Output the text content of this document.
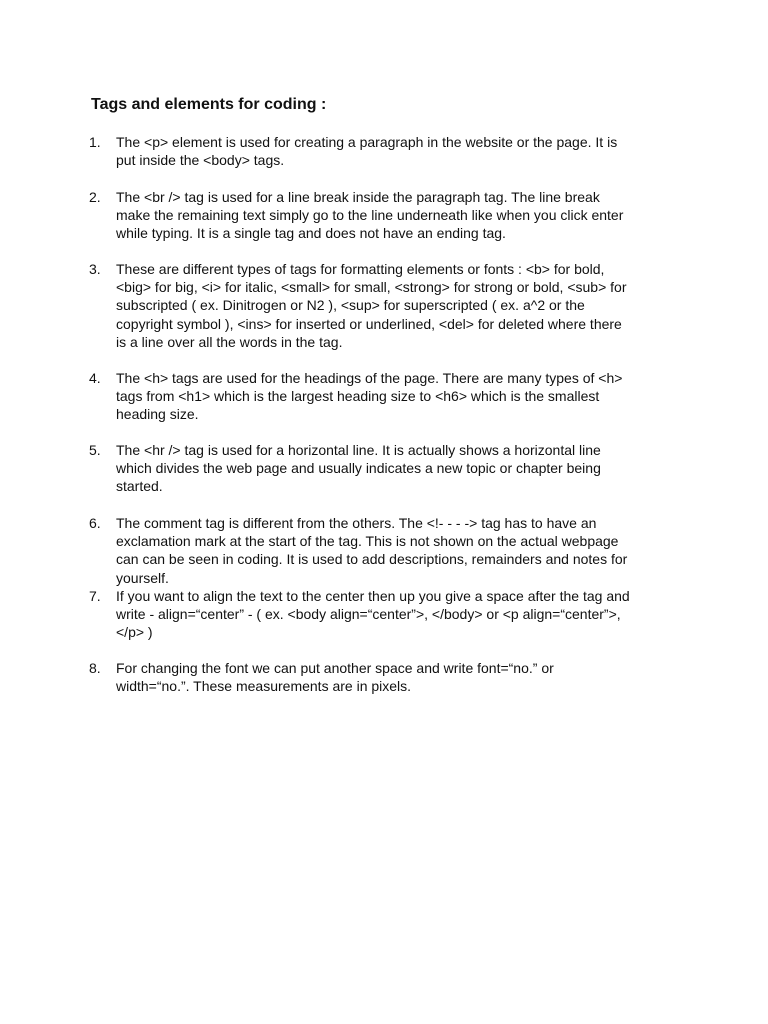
Tags and elements for coding :
1.	The <p> element is used for creating a paragraph in the website or the page. It is
put inside the <body> tags.
2.	The <br /> tag is used for a line break inside the paragraph tag. The line break
make the remaining text simply go to the line underneath like when you click enter
while typing. It is a single tag and does not have an ending tag.
3.	These are different types of tags for formatting elements or fonts : <b> for bold,
<big> for big, <i> for italic, <small> for small, <strong> for strong or bold, <sub> for
subscripted ( ex. Dinitrogen or N2 ), <sup> for superscripted ( ex. a^2 or the
copyright symbol ), <ins> for inserted or underlined, <del> for deleted where there
is a line over all the words in the tag.
4.	The <h> tags are used for the headings of the page. There are many types of <h>
tags from <h1> which is the largest heading size to <h6> which is the smallest
heading size.
5.	The <hr /> tag is used for a horizontal line. It is actually shows a horizontal line
which divides the web page and usually indicates a new topic or chapter being
started.
6.	The comment tag is different from the others. The <!- - - -> tag has to have an
exclamation mark at the start of the tag. This is not shown on the actual webpage
can can be seen in coding. It is used to add descriptions, remainders and notes for
yourself.
7.	If you want to align the text to the center then up you give a space after the tag and
write - align=“center” - ( ex. <body align=“center”>, </body> or <p align=“center”>,
</p> )
8.	For changing the font we can put another space and write font=“no.” or
width=“no.”. These measurements are in pixels.
